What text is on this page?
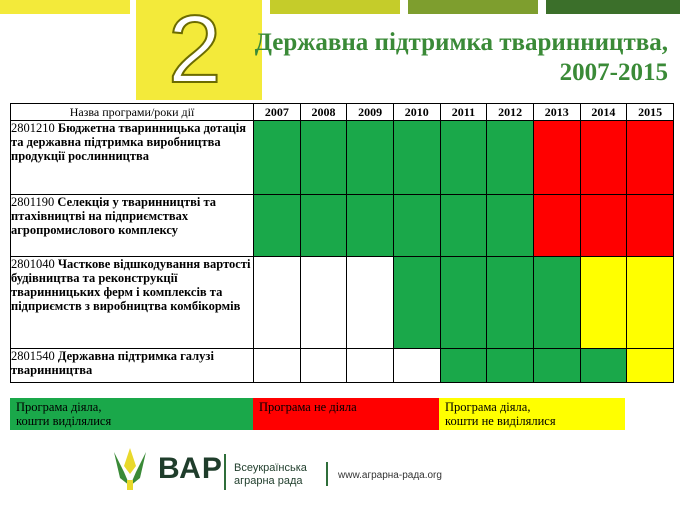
2 Державна підтримка тваринництва,
2007-2015
Назва програми/роки дії	2007	2008	2009	2010	2011	2012	2013	2014	2015
2801210 Бюджетна тваринницька дотація та державна підтримка виробництва продукції рослинництва									
2801190 Селекція у тваринництві та птахівництві на підприємствах агропромислового комплексу									
2801040 Часткове відшкодування вартості будівництва та реконструкції тваринницьких ферм і комплексів та підприємств з виробництва комбікормів									
2801540 Державна підтримка галузі тваринництва									
Програма діяла,
кошти виділялися
Програма не діяла	Програма діяла,
кошти не виділялися
ВАР Всеукраїнська
аграрна рада	www.аграрна-рада.org
